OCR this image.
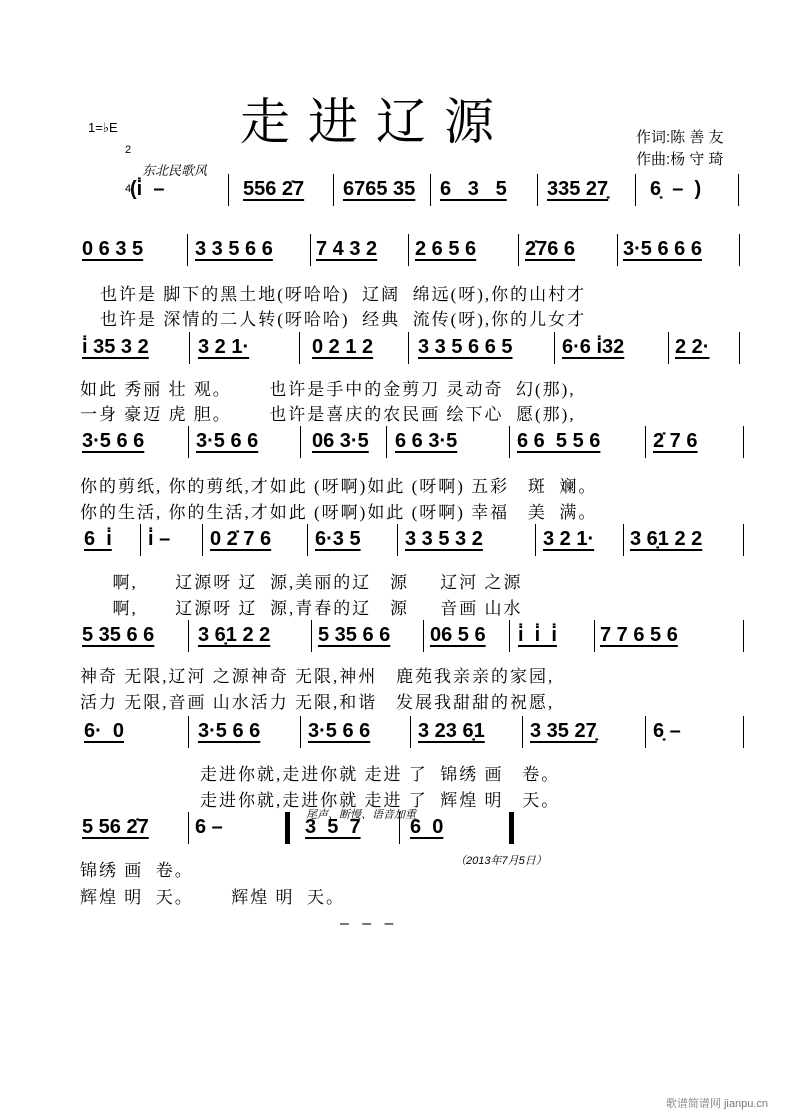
走进辽源
1=♭E

2

4

作词:陈 善 友
作曲:杨 守 琦
东北民歌风
(i̇  –	556 2̇7 6765 35 6   3   5 335 27̣ 6̣  –  )
0 6 3 5	3 3 5 6 6 7 4 3 2 2 6 5 6 2̇76 6 3·5 6 6 6
i̇ 35 3 2 3 2 1·	0 2 1 2 3 3 5 6 6 5 6·6 i̇32	2 2·
3·5 6 6	3·5 6 6	06 3·5 6 6 3·5	6 6  5 5 6	2̇ 7 6
6  i̇ i̇ – 0 2̇ 7 6 6·3 5 3 3 5 3 2	3 2 1· 3 6̣1 2 2
5 35 6 6 3 6̣1 2 2 5 35 6 6 06 5 6 i̇  i̇  i̇ 7 7 6 5 6
6·  0	3·5 6 6 3·5 6 6 3 23 6̣1 3 35 27̣	6̣ –
5 56 2̇7 6 –	3  5  7 6  0
也许是 脚下的黑土地(呀哈哈)  辽阔  绵远(呀),你的山村才
也许是 深情的二人转(呀哈哈)  经典  流传(呀),你的儿女才
如此 秀丽 壮 观。      也许是手中的金剪刀 灵动奇  幻(那),
一身 豪迈 虎 胆。      也许是喜庆的农民画 绘下心  愿(那),
你的剪纸, 你的剪纸,才如此 (呀啊)如此 (呀啊) 五彩   斑  斓。
你的生活, 你的生活,才如此 (呀啊)如此 (呀啊) 幸福   美  满。
啊,      辽源呀 辽  源,美丽的辽   源     辽河 之源
啊,      辽源呀 辽  源,青春的辽   源     音画 山水
神奇 无限,辽河 之源神奇 无限,神州   鹿苑我亲亲的家园,
活力 无限,音画 山水活力 无限,和谐   发展我甜甜的祝愿,
走进你就,走进你就 走进 了  锦绣 画   卷。
走进你就,走进你就 走进 了  辉煌 明   天。
锦绣 画  卷。
辉煌 明  天。      辉煌 明  天。
尾声、断慢、语音加重
（2013年7月5日）
–   –   –
歌谱简谱网 jianpu.cn
